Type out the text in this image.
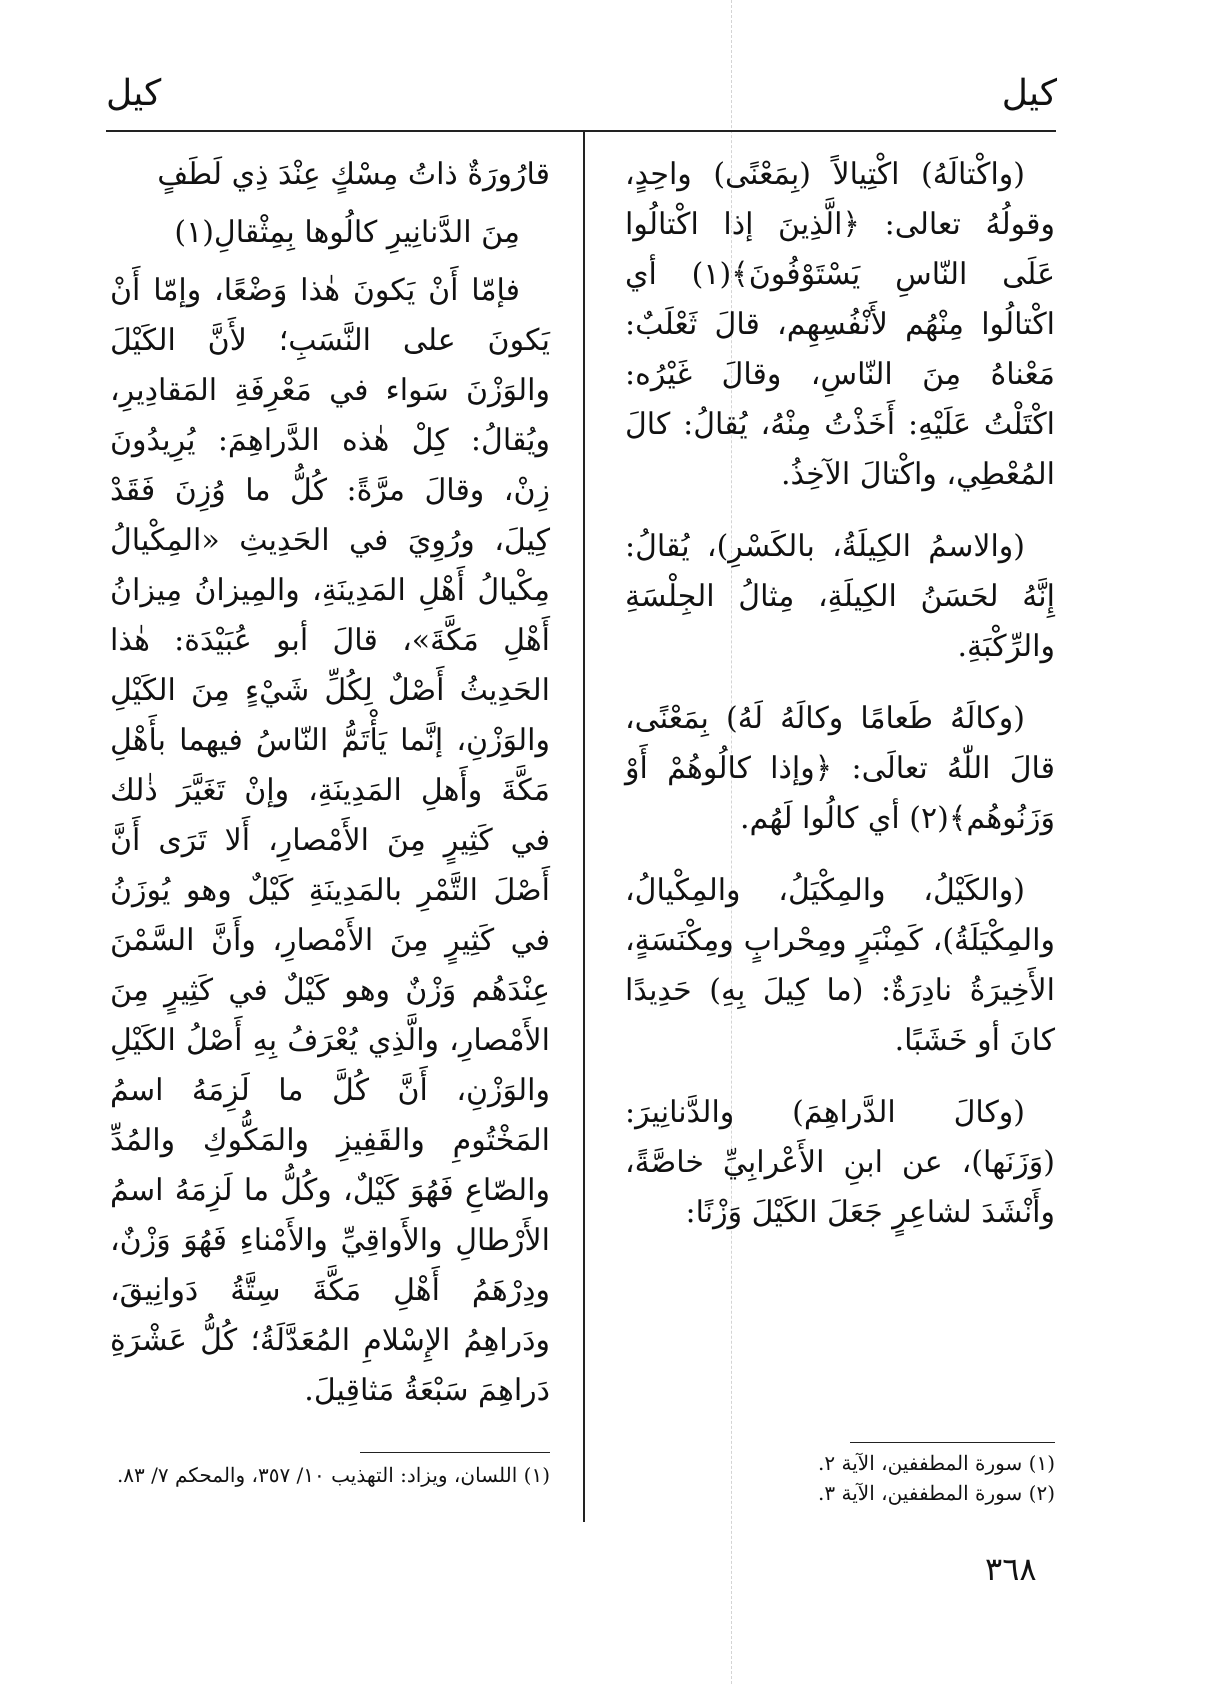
كيل
كيل

(واكْتالَهُ) اكْتِيالاً (بِمَعْنًى) واحِدٍ، وقولُهُ تعالى: ﴿الَّذِينَ إذا اكْتالُوا عَلَى النّاسِ يَسْتَوْفُونَ﴾(١) أي اكْتالُوا مِنْهُم لأَنْفُسِهِم، قالَ ثَعْلَبٌ: مَعْناهُ مِنَ النّاسِ، وقالَ غَيْرُه: اكْتَلْتُ عَلَيْهِ: أَخَذْتُ مِنْهُ، يُقالُ: كالَ المُعْطِي، واكْتالَ الآخِذُ.

(والاسمُ الكِيلَةُ، بالكَسْرِ)، يُقالُ: إِنَّهُ لحَسَنُ الكِيلَةِ، مِثالُ الجِلْسَةِ والرِّكْبَةِ.

(وكالَهُ طَعامًا وكالَهُ لَهُ) بِمَعْنًى، قالَ اللّٰهُ تعالَى: ﴿وإذا كالُوهُمْ أَوْ وَزَنُوهُم﴾(٢) أي كالُوا لَهُم.

(والكَيْلُ، والمِكْيَلُ، والمِكْيالُ، والمِكْيَلَةُ)، كَمِنْبَرٍ ومِحْرابٍ ومِكْنَسَةٍ، الأَخِيرَةُ نادِرَةٌ: (ما كِيلَ بِهِ) حَدِيدًا كانَ أو خَشَبًا.

(وكالَ الدَّراهِمَ) والدَّنانِيرَ: (وَزَنَها)، عن ابنِ الأَعْرابِيِّ خاصَّةً، وأَنْشَدَ لشاعِرٍ جَعَلَ الكَيْلَ وَزْنًا:

قارُورَةٌ ذاتُ مِسْكٍ عِنْدَ ذِي لَطَفٍ
مِنَ الدَّنانِيرِ كالُوها بِمِثْقالِ(١)

فإمّا أَنْ يَكونَ هٰذا وَضْعًا، وإمّا أَنْ يَكونَ على النَّسَبِ؛ لأَنَّ الكَيْلَ والوَزْنَ سَواء في مَعْرِفَةِ المَقادِيرِ، ويُقالُ: كِلْ هٰذه الدَّراهِمَ: يُرِيدُونَ زِنْ، وقالَ مرَّةً: كُلُّ ما وُزِنَ فَقَدْ كِيلَ، ورُوِيَ في الحَدِيثِ «المِكْيالُ مِكْيالُ أَهْلِ المَدِينَةِ، والمِيزانُ مِيزانُ أَهْلِ مَكَّةَ»، قالَ أبو عُبَيْدَة: هٰذا الحَدِيثُ أَصْلٌ لِكُلِّ شَيْءٍ مِنَ الكَيْلِ والوَزْنِ، إنَّما يَأْتَمُّ النّاسُ فيهما بأَهْلِ مَكَّةَ وأَهلِ المَدِينَةِ، وإنْ تَغَيَّرَ ذٰلك في كَثِيرٍ مِنَ الأَمْصارِ، أَلا تَرَى أَنَّ أَصْلَ التَّمْرِ بالمَدِينَةِ كَيْلٌ وهو يُوزَنُ في كَثِيرٍ مِنَ الأَمْصارِ، وأَنَّ السَّمْنَ عِنْدَهُم وَزْنٌ وهو كَيْلٌ في كَثِيرٍ مِنَ الأَمْصارِ، والَّذِي يُعْرَفُ بِهِ أَصْلُ الكَيْلِ والوَزْنِ، أَنَّ كُلَّ ما لَزِمَهُ اسمُ المَخْتُومِ والقَفِيزِ والمَكُّوكِ والمُدِّ والصّاعِ فَهُوَ كَيْلٌ، وكُلُّ ما لَزِمَهُ اسمُ الأَرْطالِ والأَواقِيِّ والأَمْناءِ فَهُوَ وَزْنٌ، ودِرْهَمُ أَهْلِ مَكَّةَ سِتَّةُ دَوانِيقَ، ودَراهِمُ الإِسْلامِ المُعَدَّلَةُ؛ كُلُّ عَشْرَةِ دَراهِمَ سَبْعَةُ مَثاقِيلَ.

(١) سورة المطففين، الآية ٢.

(٢) سورة المطففين، الآية ٣.

(١) اللسان، ويزاد: التهذيب ١٠/ ٣٥٧، والمحكم ٧/ ٨٣.

٣٦٨
